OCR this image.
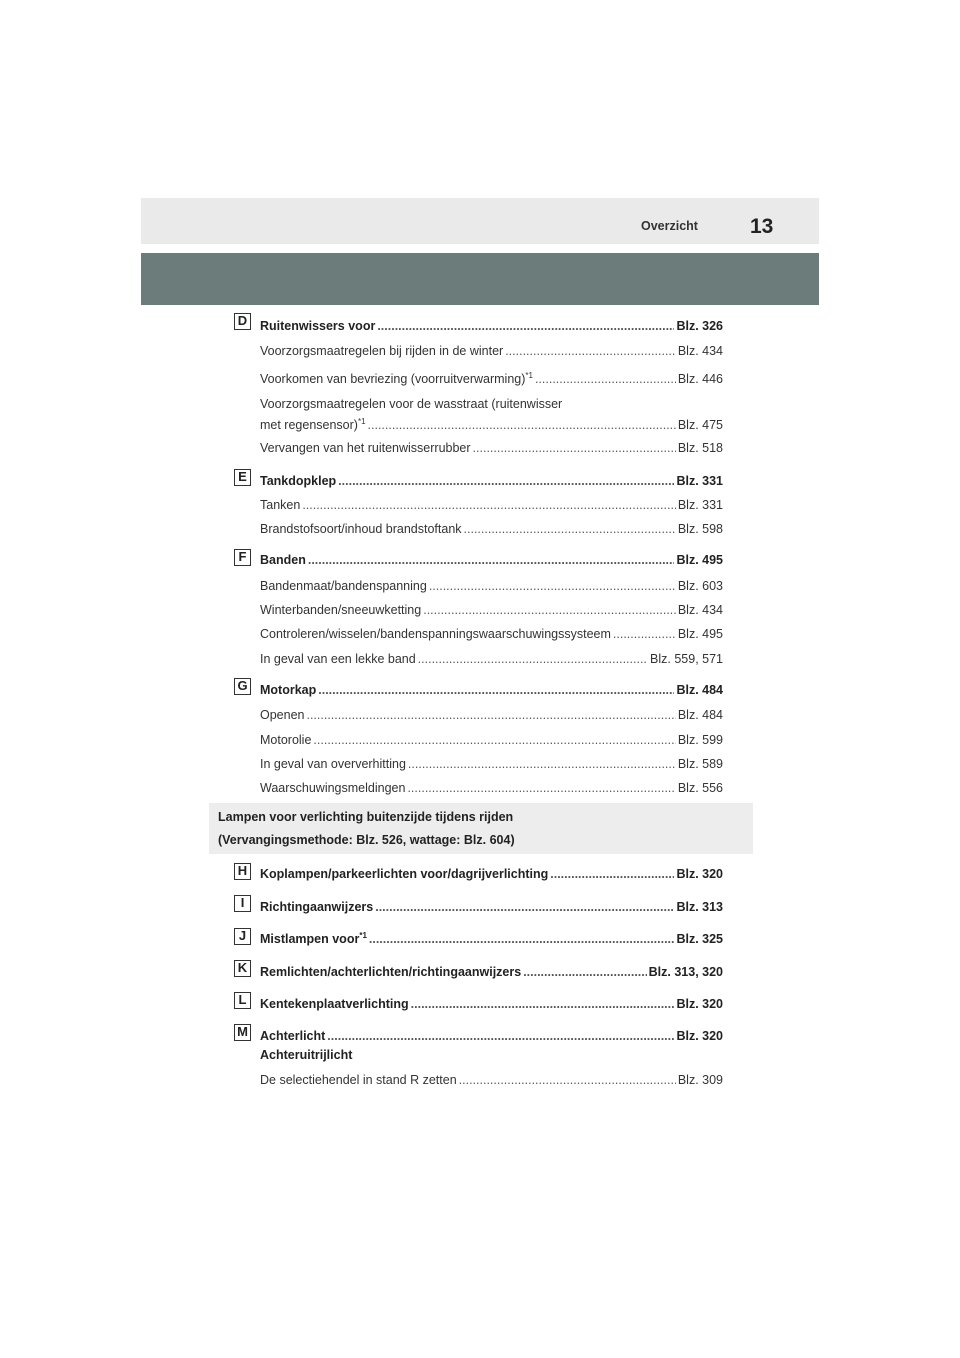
Overzicht 13
D	Ruitenwissers voor .....	Blz. 326
Voorzorgsmaatregelen bij rijden in de winter .....	Blz. 434
Voorkomen van bevriezing (voorruitverwarming)$^{*1}$ .....	Blz. 446
Voorzorgsmaatregelen voor de wasstraat (ruitenwisser
met regensensor)$^{*1}$ .....	Blz. 475
Vervangen van het ruitenwisserrubber .....	Blz. 518
E	Tankdopklep .....	Blz. 331
Tanken .....	Blz. 331
Brandstofsoort/inhoud brandstoftank .....	Blz. 598
F	Banden .....	Blz. 495
Bandenmaat/bandenspanning .....	Blz. 603
Winterbanden/sneeuwketting .....	Blz. 434
Controleren/wisselen/bandenspanningswaarschuwingssysteem .....	Blz. 495
In geval van een lekke band .....	Blz. 559, 571
G Motorkap .....	Blz. 484
Openen .....	Blz. 484
Motorolie .....	Blz. 599
In geval van oververhitting .....	Blz. 589
Waarschuwingsmeldingen .....	Blz. 556
Lampen voor verlichting buitenzijde tijdens rijden
(Vervangingsmethode: Blz. 526, wattage: Blz. 604)
H	Koplampen/parkeerlichten voor/dagrijverlichting .....	Blz. 320
I	Richtingaanwijzers .....	Blz. 313
J	Mistlampen voor$^{*1}$ .....	Blz. 325
K	Remlichten/achterlichten/richtingaanwijzers .....	Blz. 313, 320
L	Kentekenplaatverlichting .....	Blz. 320
M Achterlicht .....	Blz. 320
Achteruitrijlicht
De selectiehendel in stand R zetten .....	Blz. 309
